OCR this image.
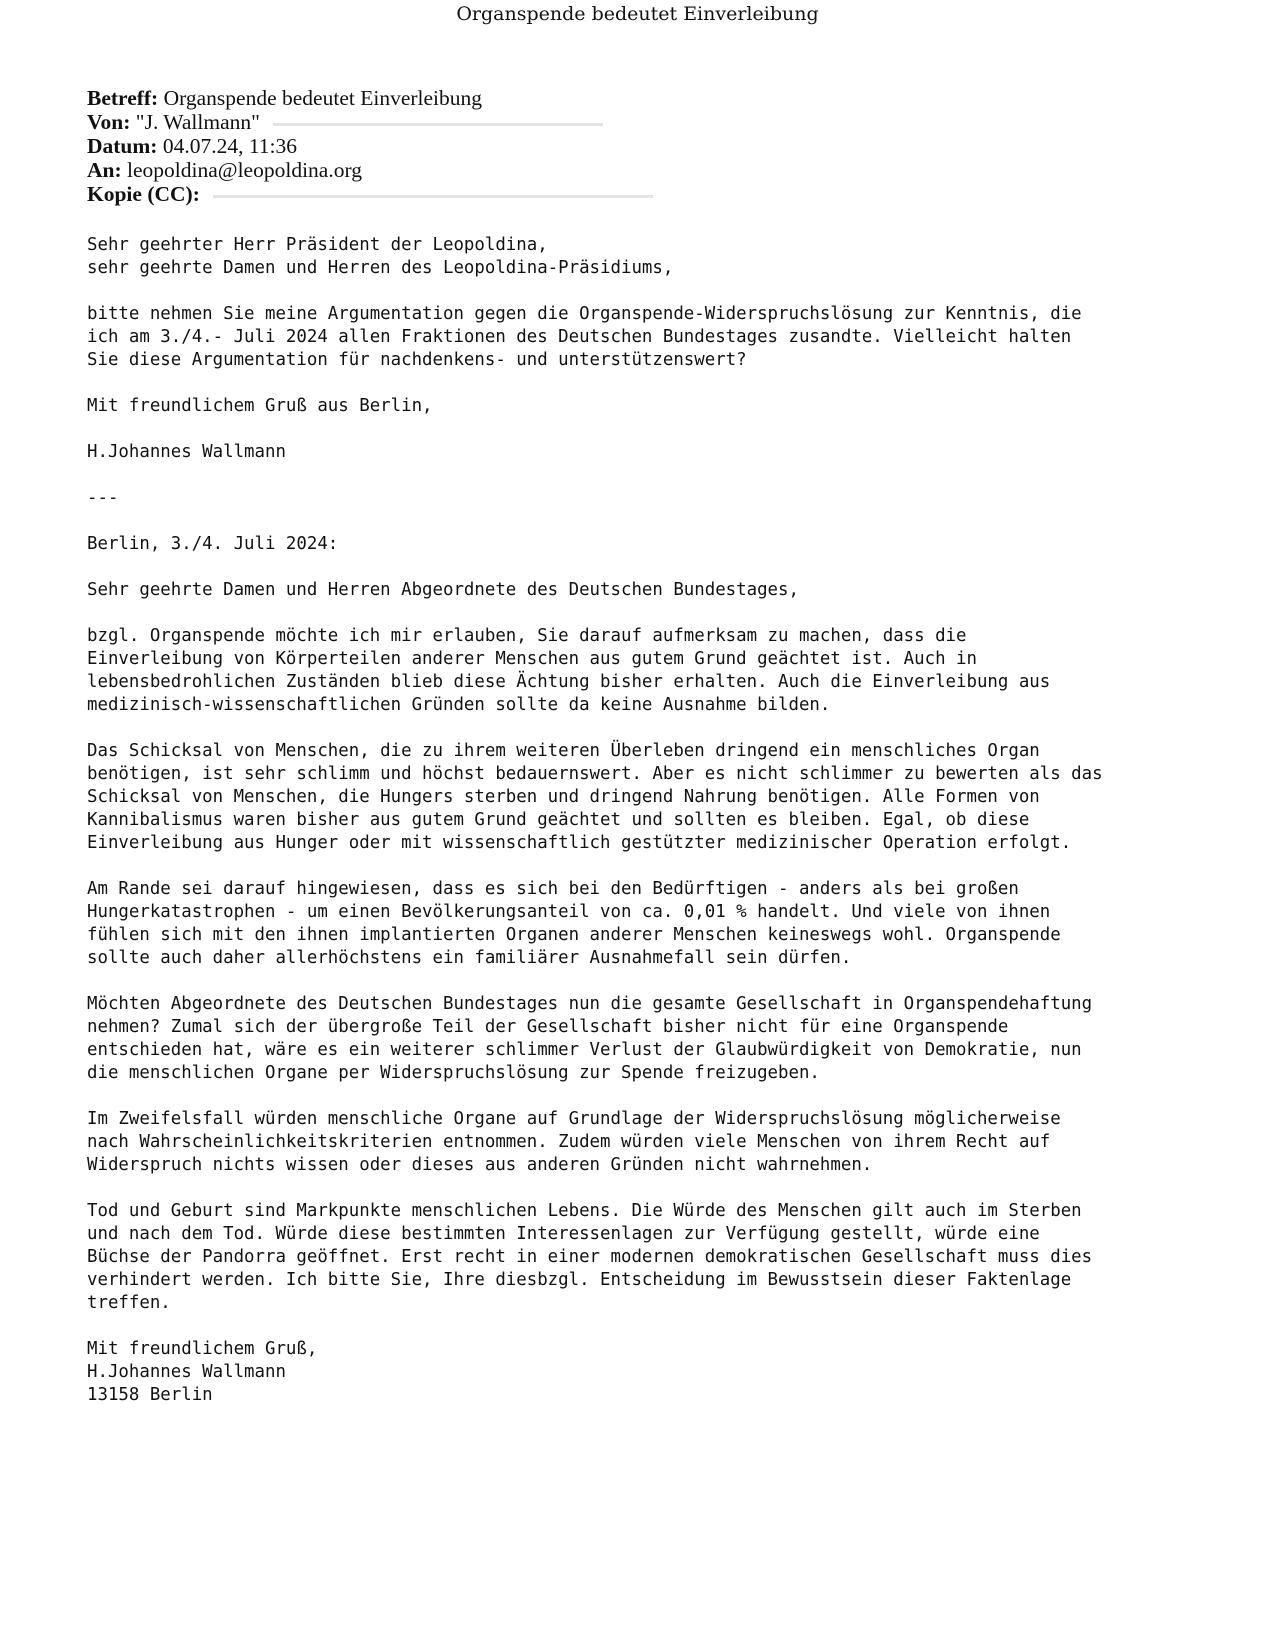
Organspende bedeutet Einverleibung
Betreff: Organspende bedeutet Einverleibung
Von: "J. Wallmann"
Datum: 04.07.24, 11:36
An: leopoldina@leopoldina.org
Kopie (CC):
Sehr geehrter Herr Präsident der Leopoldina,
sehr geehrte Damen und Herren des Leopoldina-Präsidiums,

bitte nehmen Sie meine Argumentation gegen die Organspende-Widerspruchslösung zur Kenntnis, die
ich am 3./4.- Juli 2024 allen Fraktionen des Deutschen Bundestages zusandte. Vielleicht halten
Sie diese Argumentation für nachdenkens- und unterstützenswert?

Mit freundlichem Gruß aus Berlin,

H.Johannes Wallmann

---

Berlin, 3./4. Juli 2024:

Sehr geehrte Damen und Herren Abgeordnete des Deutschen Bundestages,

bzgl. Organspende möchte ich mir erlauben, Sie darauf aufmerksam zu machen, dass die
Einverleibung von Körperteilen anderer Menschen aus gutem Grund geächtet ist. Auch in
lebensbedrohlichen Zuständen blieb diese Ächtung bisher erhalten. Auch die Einverleibung aus
medizinisch-wissenschaftlichen Gründen sollte da keine Ausnahme bilden.

Das Schicksal von Menschen, die zu ihrem weiteren Überleben dringend ein menschliches Organ
benötigen, ist sehr schlimm und höchst bedauernswert. Aber es nicht schlimmer zu bewerten als das
Schicksal von Menschen, die Hungers sterben und dringend Nahrung benötigen. Alle Formen von
Kannibalismus waren bisher aus gutem Grund geächtet und sollten es bleiben. Egal, ob diese
Einverleibung aus Hunger oder mit wissenschaftlich gestützter medizinischer Operation erfolgt.

Am Rande sei darauf hingewiesen, dass es sich bei den Bedürftigen - anders als bei großen
Hungerkatastrophen - um einen Bevölkerungsanteil von ca. 0,01 % handelt. Und viele von ihnen
fühlen sich mit den ihnen implantierten Organen anderer Menschen keineswegs wohl. Organspende
sollte auch daher allerhöchstens ein familiärer Ausnahmefall sein dürfen.

Möchten Abgeordnete des Deutschen Bundestages nun die gesamte Gesellschaft in Organspendehaftung
nehmen? Zumal sich der übergroße Teil der Gesellschaft bisher nicht für eine Organspende
entschieden hat, wäre es ein weiterer schlimmer Verlust der Glaubwürdigkeit von Demokratie, nun
die menschlichen Organe per Widerspruchslösung zur Spende freizugeben.

Im Zweifelsfall würden menschliche Organe auf Grundlage der Widerspruchslösung möglicherweise
nach Wahrscheinlichkeitskriterien entnommen. Zudem würden viele Menschen von ihrem Recht auf
Widerspruch nichts wissen oder dieses aus anderen Gründen nicht wahrnehmen.

Tod und Geburt sind Markpunkte menschlichen Lebens. Die Würde des Menschen gilt auch im Sterben
und nach dem Tod. Würde diese bestimmten Interessenlagen zur Verfügung gestellt, würde eine
Büchse der Pandorra geöffnet. Erst recht in einer modernen demokratischen Gesellschaft muss dies
verhindert werden. Ich bitte Sie, Ihre diesbzgl. Entscheidung im Bewusstsein dieser Faktenlage
treffen.

Mit freundlichem Gruß,
H.Johannes Wallmann
13158 Berlin
